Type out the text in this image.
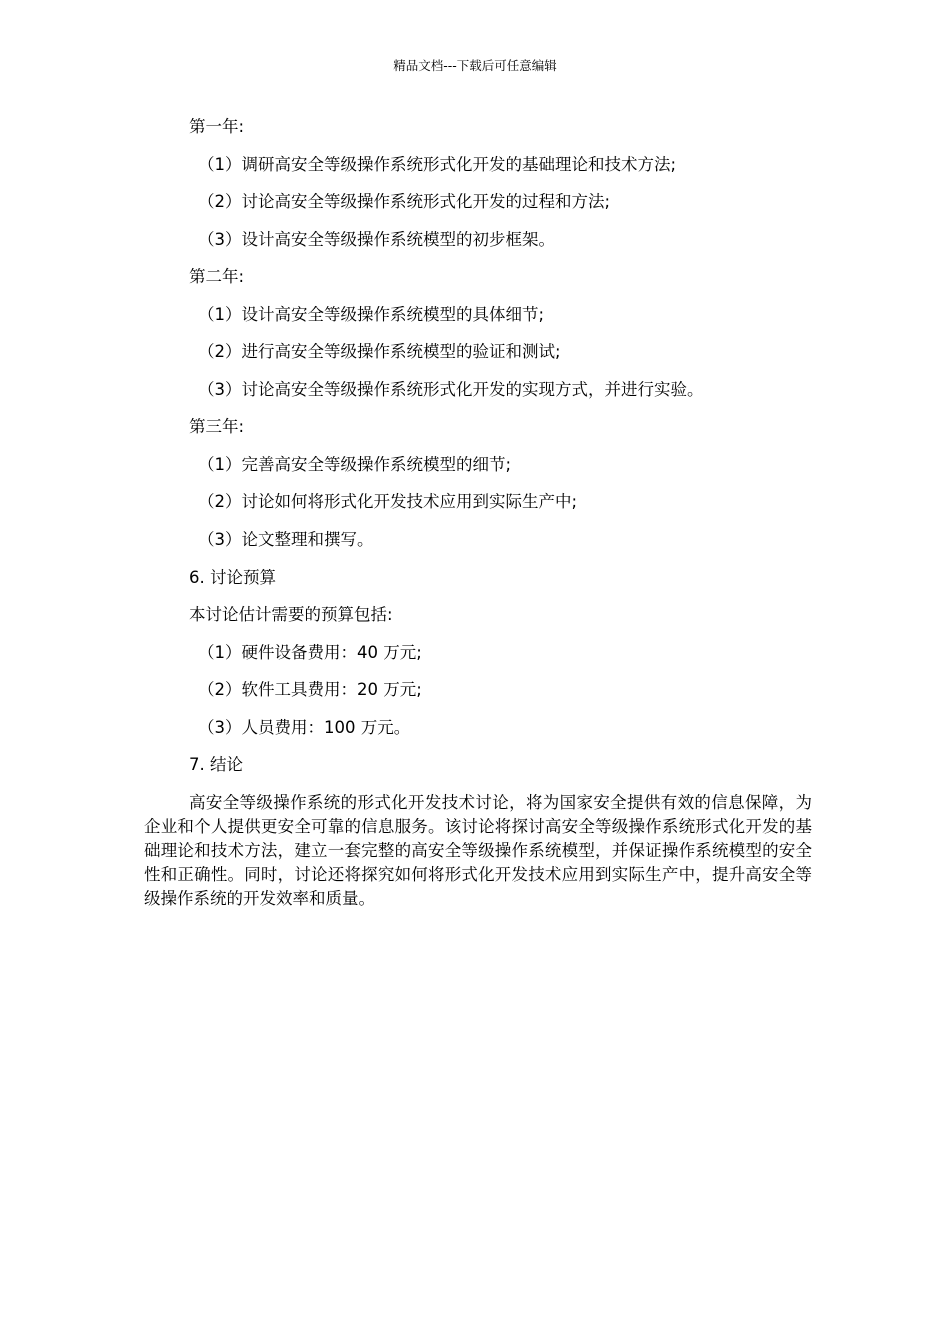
精品文档---下载后可任意编辑
第一年:
（1）调研高安全等级操作系统形式化开发的基础理论和技术方法;
（2）讨论高安全等级操作系统形式化开发的过程和方法;
（3）设计高安全等级操作系统模型的初步框架。
第二年:
（1）设计高安全等级操作系统模型的具体细节;
（2）进行高安全等级操作系统模型的验证和测试;
（3）讨论高安全等级操作系统形式化开发的实现方式，并进行实验。
第三年:
（1）完善高安全等级操作系统模型的细节;
（2）讨论如何将形式化开发技术应用到实际生产中;
（3）论文整理和撰写。
6. 讨论预算
本讨论估计需要的预算包括:
（1）硬件设备费用：40 万元;
（2）软件工具费用：20 万元;
（3）人员费用：100 万元。
7. 结论
高安全等级操作系统的形式化开发技术讨论，将为国家安全提供有效的信息保障，为企业和个人提供更安全可靠的信息服务。该讨论将探讨高安全等级操作系统形式化开发的基础理论和技术方法，建立一套完整的高安全等级操作系统模型，并保证操作系统模型的安全性和正确性。同时，讨论还将探究如何将形式化开发技术应用到实际生产中，提升高安全等级操作系统的开发效率和质量。
